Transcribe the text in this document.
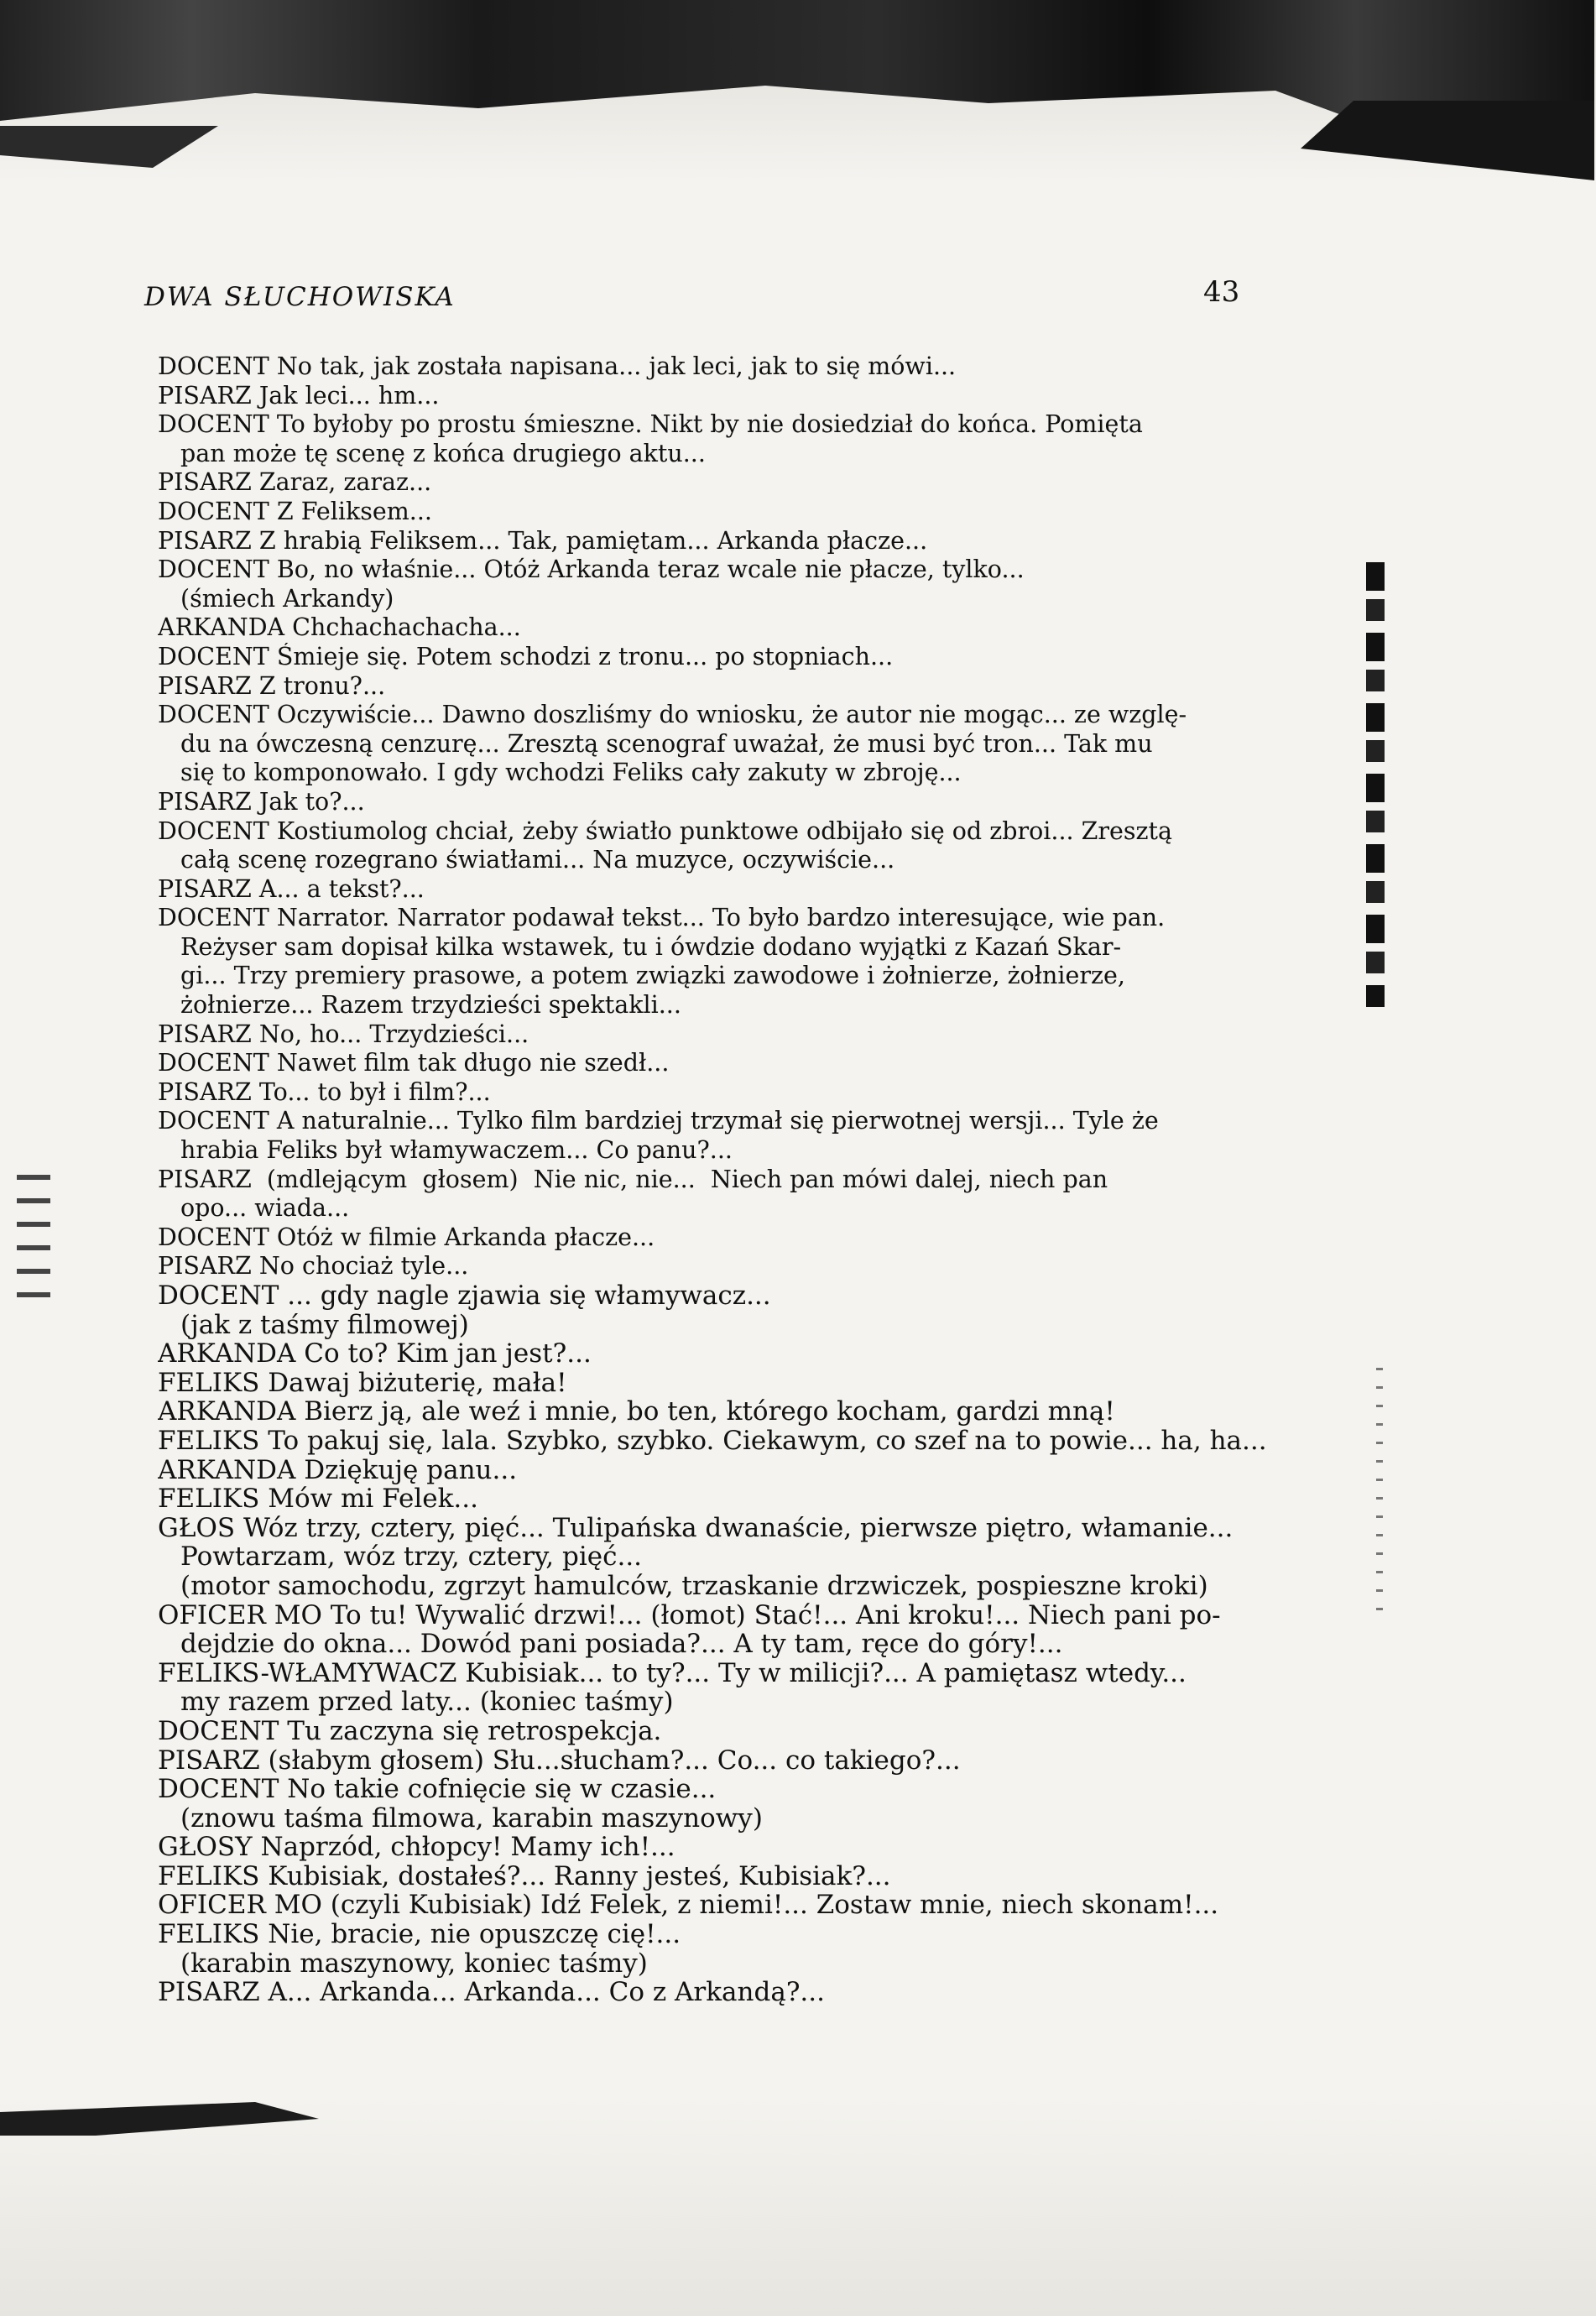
DWA SŁUCHOWISKA	43
DOCENT No tak, jak została napisana... jak leci, jak to się mówi...
PISARZ Jak leci... hm...
DOCENT To byłoby po prostu śmieszne. Nikt by nie dosiedział do końca. Pomięta
pan może tę scenę z końca drugiego aktu...
PISARZ Zaraz, zaraz...
DOCENT Z Feliksem...
PISARZ Z hrabią Feliksem... Tak, pamiętam... Arkanda płacze...
DOCENT Bo, no właśnie... Otóż Arkanda teraz wcale nie płacze, tylko...
(śmiech Arkandy)
ARKANDA Chchachachacha...
DOCENT Śmieje się. Potem schodzi z tronu... po stopniach...
PISARZ Z tronu?...
DOCENT Oczywiście... Dawno doszliśmy do wniosku, że autor nie mogąc... ze wzglę-
du na ówczesną cenzurę... Zresztą scenograf uważał, że musi być tron... Tak mu
się to komponowało. I gdy wchodzi Feliks cały zakuty w zbroję...
PISARZ Jak to?...
DOCENT Kostiumolog chciał, żeby światło punktowe odbijało się od zbroi... Zresztą
całą scenę rozegrano światłami... Na muzyce, oczywiście...
PISARZ A... a tekst?...
DOCENT Narrator. Narrator podawał tekst... To było bardzo interesujące, wie pan.
Reżyser sam dopisał kilka wstawek, tu i ówdzie dodano wyjątki z Kazań Skar-
gi... Trzy premiery prasowe, a potem związki zawodowe i żołnierze, żołnierze,
żołnierze... Razem trzydzieści spektakli...
PISARZ No, ho... Trzydzieści...
DOCENT Nawet film tak długo nie szedł...
PISARZ To... to był i film?...
DOCENT A naturalnie... Tylko film bardziej trzymał się pierwotnej wersji... Tyle że
hrabia Feliks był włamywaczem... Co panu?...
PISARZ  (mdlejącym  głosem)  Nie nic, nie...  Niech pan mówi dalej, niech pan
opo... wiada...
DOCENT Otóż w filmie Arkanda płacze...
PISARZ No chociaż tyle...
DOCENT ... gdy nagle zjawia się włamywacz...
(jak z taśmy filmowej)
ARKANDA Co to? Kim jan jest?...
FELIKS Dawaj biżuterię, mała!
ARKANDA Bierz ją, ale weź i mnie, bo ten, którego kocham, gardzi mną!
FELIKS To pakuj się, lala. Szybko, szybko. Ciekawym, co szef na to powie... ha, ha...
ARKANDA Dziękuję panu...
FELIKS Mów mi Felek...
GŁOS Wóz trzy, cztery, pięć... Tulipańska dwanaście, pierwsze piętro, włamanie...
Powtarzam, wóz trzy, cztery, pięć...
(motor samochodu, zgrzyt hamulców, trzaskanie drzwiczek, pospieszne kroki)
OFICER MO To tu! Wywalić drzwi!... (łomot) Stać!... Ani kroku!... Niech pani po-
dejdzie do okna... Dowód pani posiada?... A ty tam, ręce do góry!...
FELIKS-WŁAMYWACZ Kubisiak... to ty?... Ty w milicji?... A pamiętasz wtedy...
my razem przed laty... (koniec taśmy)
DOCENT Tu zaczyna się retrospekcja.
PISARZ (słabym głosem) Słu...słucham?... Co... co takiego?...
DOCENT No takie cofnięcie się w czasie...
(znowu taśma filmowa, karabin maszynowy)
GŁOSY Naprzód, chłopcy! Mamy ich!...
FELIKS Kubisiak, dostałeś?... Ranny jesteś, Kubisiak?...
OFICER MO (czyli Kubisiak) Idź Felek, z niemi!... Zostaw mnie, niech skonam!...
FELIKS Nie, bracie, nie opuszczę cię!...
(karabin maszynowy, koniec taśmy)
PISARZ A... Arkanda... Arkanda... Co z Arkandą?...
